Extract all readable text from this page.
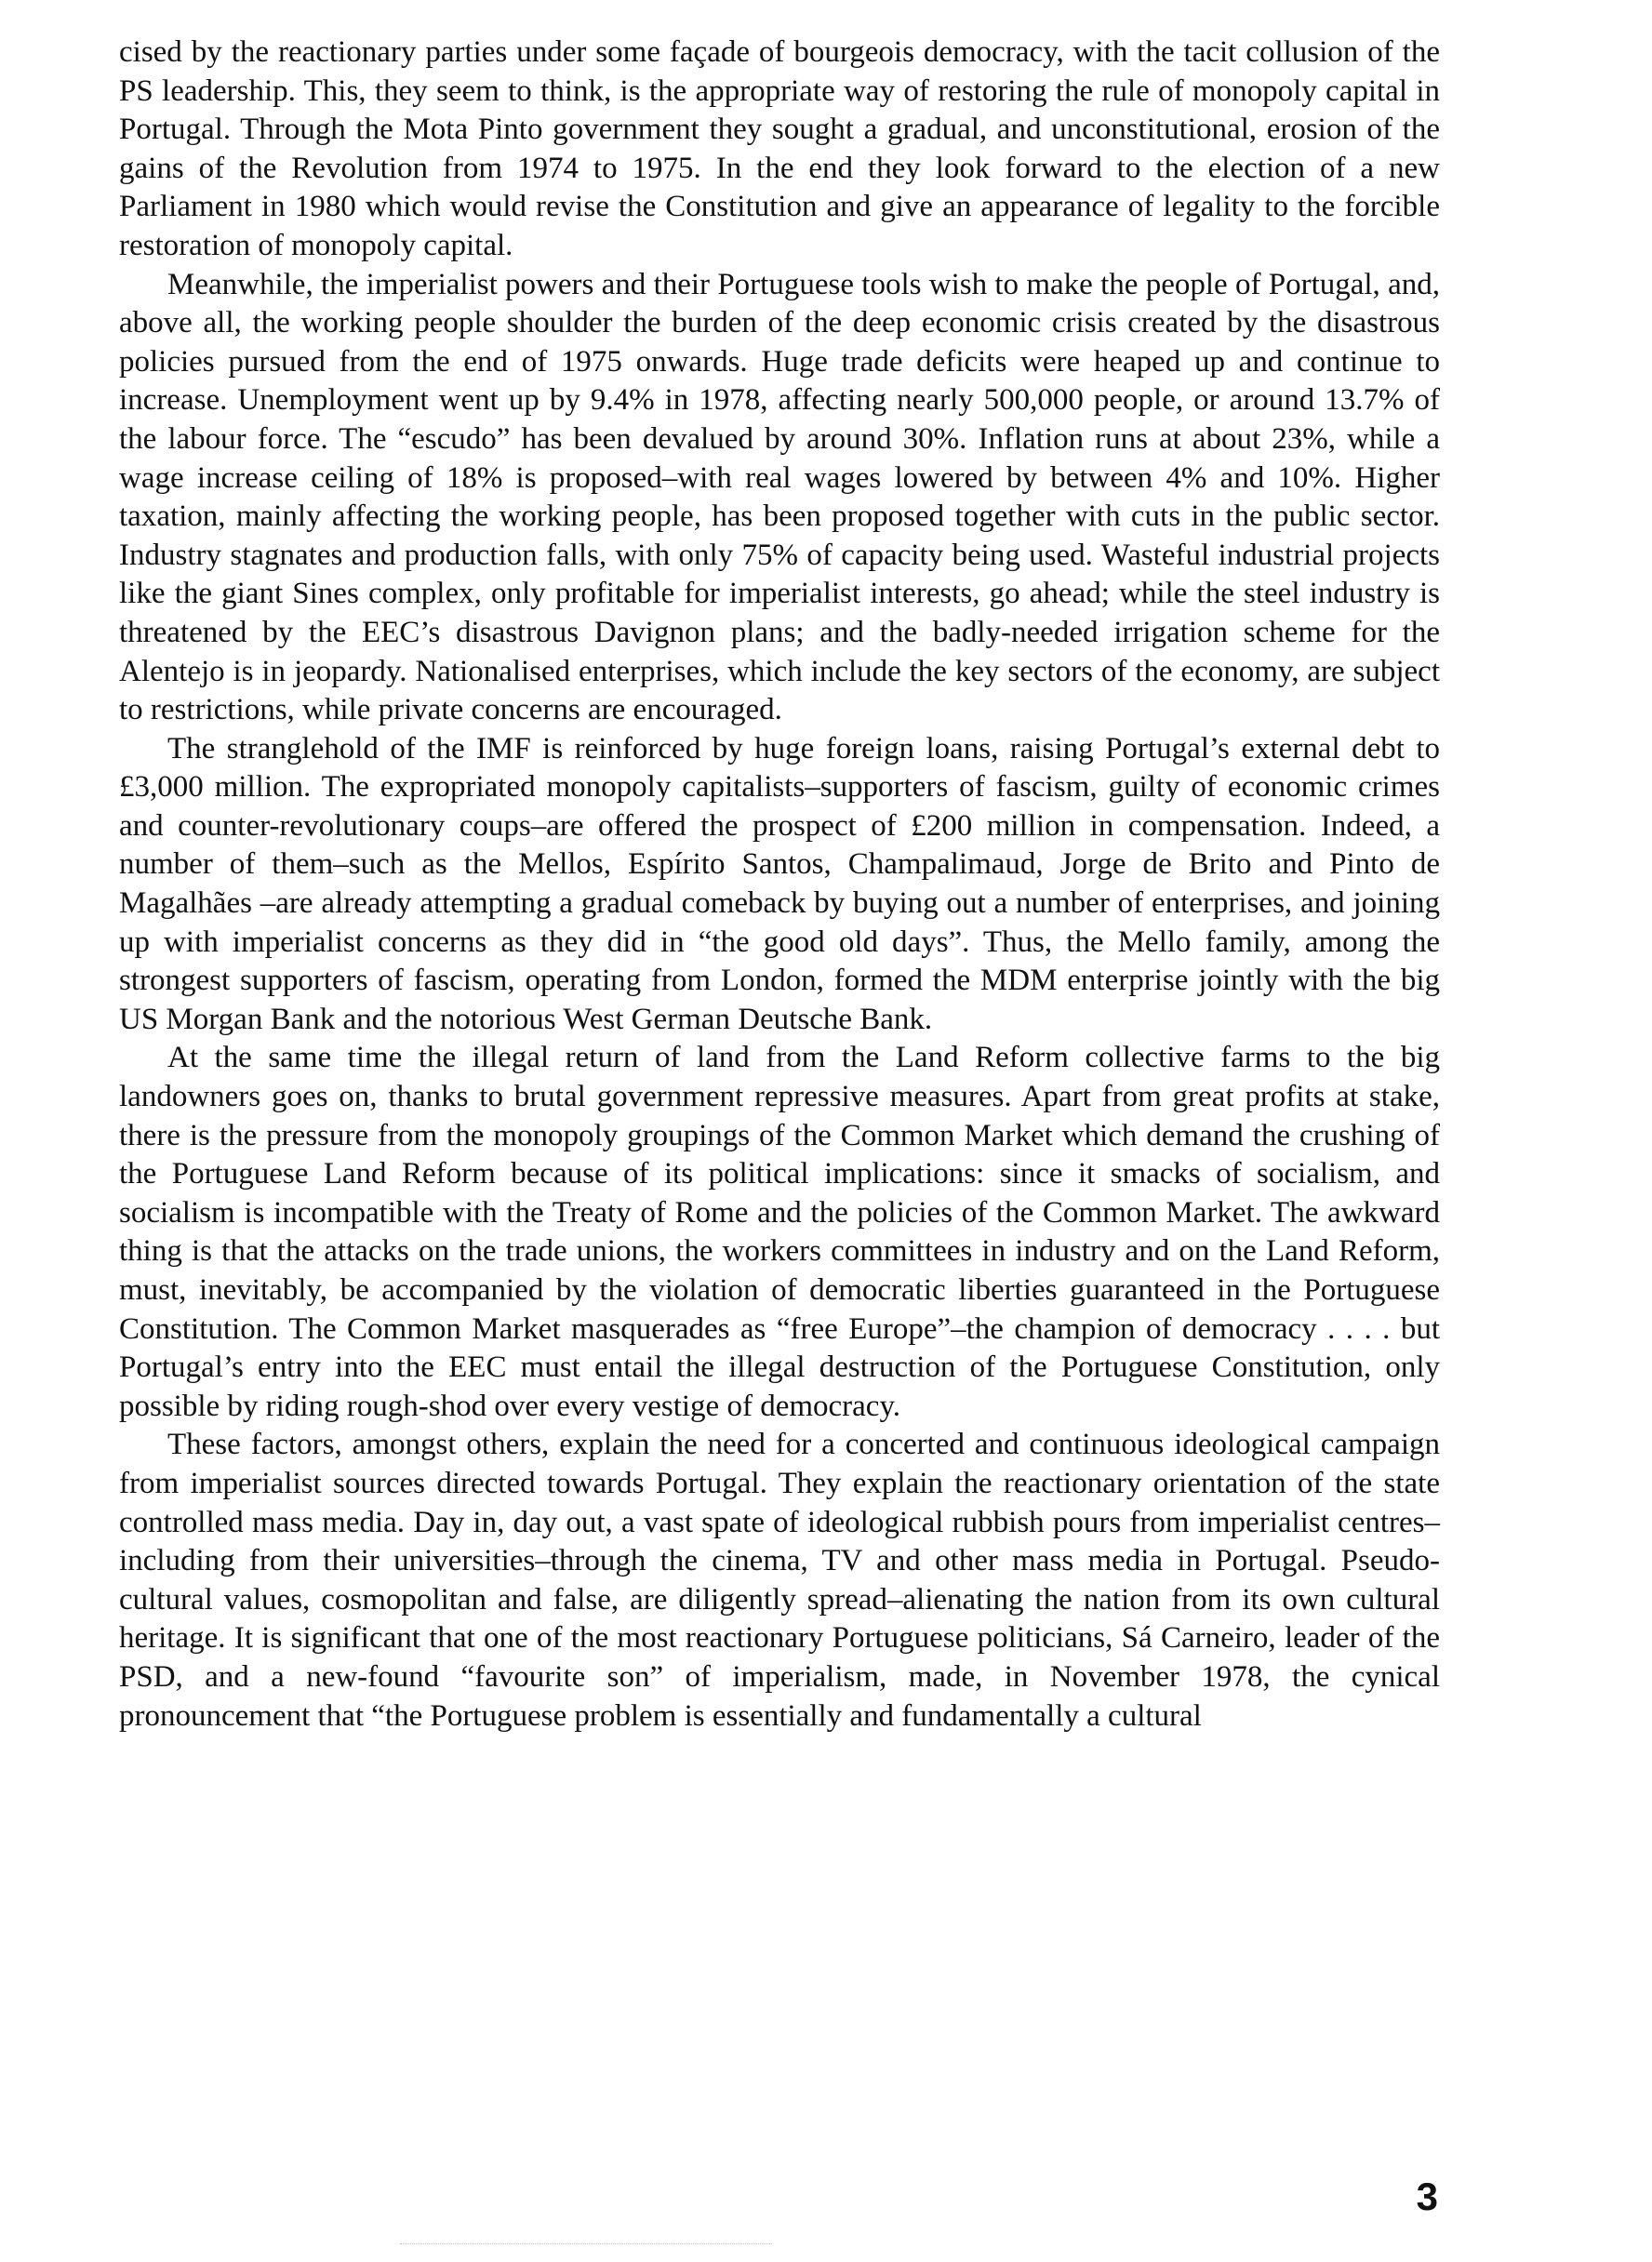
cised by the reactionary parties under some façade of bourgeois democracy, with the tacit collusion of the PS leadership. This, they seem to think, is the appropriate way of restoring the rule of monopoly capital in Portugal. Through the Mota Pinto government they sought a gradual, and unconstitutional, erosion of the gains of the Revolution from 1974 to 1975. In the end they look forward to the election of a new Parliament in 1980 which would revise the Constitution and give an appearance of legality to the forcible restoration of monopoly capital.

Meanwhile, the imperialist powers and their Portuguese tools wish to make the people of Portugal, and, above all, the working people shoulder the burden of the deep economic crisis created by the disastrous policies pursued from the end of 1975 onwards. Huge trade deficits were heaped up and continue to increase. Unemployment went up by 9.4% in 1978, affecting nearly 500,000 people, or around 13.7% of the labour force. The “escudo” has been devalued by around 30%. Inflation runs at about 23%, while a wage increase ceiling of 18% is proposed–with real wages lowered by between 4% and 10%. Higher taxation, mainly affecting the working people, has been proposed together with cuts in the public sector. Industry stagnates and production falls, with only 75% of capacity being used. Wasteful industrial projects like the giant Sines complex, only profitable for imperialist interests, go ahead; while the steel industry is threatened by the EEC’s disastrous Davignon plans; and the badly-needed irrigation scheme for the Alentejo is in jeopardy. Nationalised enterprises, which include the key sectors of the economy, are subject to restrictions, while private concerns are encouraged.

The stranglehold of the IMF is reinforced by huge foreign loans, raising Portugal’s external debt to £3,000 million. The expropriated monopoly capitalists–supporters of fascism, guilty of economic crimes and counter-revolutionary coups–are offered the prospect of £200 million in compensation. Indeed, a number of them–such as the Mellos, Espírito Santos, Champalimaud, Jorge de Brito and Pinto de Magalhães –are already attempting a gradual comeback by buying out a number of enterprises, and joining up with imperialist concerns as they did in “the good old days”. Thus, the Mello family, among the strongest supporters of fascism, operating from London, formed the MDM enterprise jointly with the big US Morgan Bank and the notorious West German Deutsche Bank.

At the same time the illegal return of land from the Land Reform collective farms to the big landowners goes on, thanks to brutal government repressive measures. Apart from great profits at stake, there is the pressure from the monopoly groupings of the Common Market which demand the crushing of the Portuguese Land Reform because of its political implications: since it smacks of socialism, and socialism is incompatible with the Treaty of Rome and the policies of the Common Market. The awkward thing is that the attacks on the trade unions, the workers committees in industry and on the Land Reform, must, inevitably, be accompanied by the violation of democratic liberties guaranteed in the Portuguese Constitution. The Common Market masquerades as “free Europe”–the champion of democracy . . . . but Portugal’s entry into the EEC must entail the illegal destruction of the Portuguese Constitution, only possible by riding rough-shod over every vestige of democracy.

These factors, amongst others, explain the need for a concerted and continuous ideological campaign from imperialist sources directed towards Portugal. They explain the reactionary orientation of the state controlled mass media. Day in, day out, a vast spate of ideological rubbish pours from imperialist centres–including from their universities–through the cinema, TV and other mass media in Portugal. Pseudo-cultural values, cosmopolitan and false, are diligently spread–alienating the nation from its own cultural heritage. It is significant that one of the most reactionary Portuguese politicians, Sá Carneiro, leader of the PSD, and a new-found “favourite son” of imperialism, made, in November 1978, the cynical pronouncement that “the Portuguese problem is essentially and fundamentally a cultural

3
